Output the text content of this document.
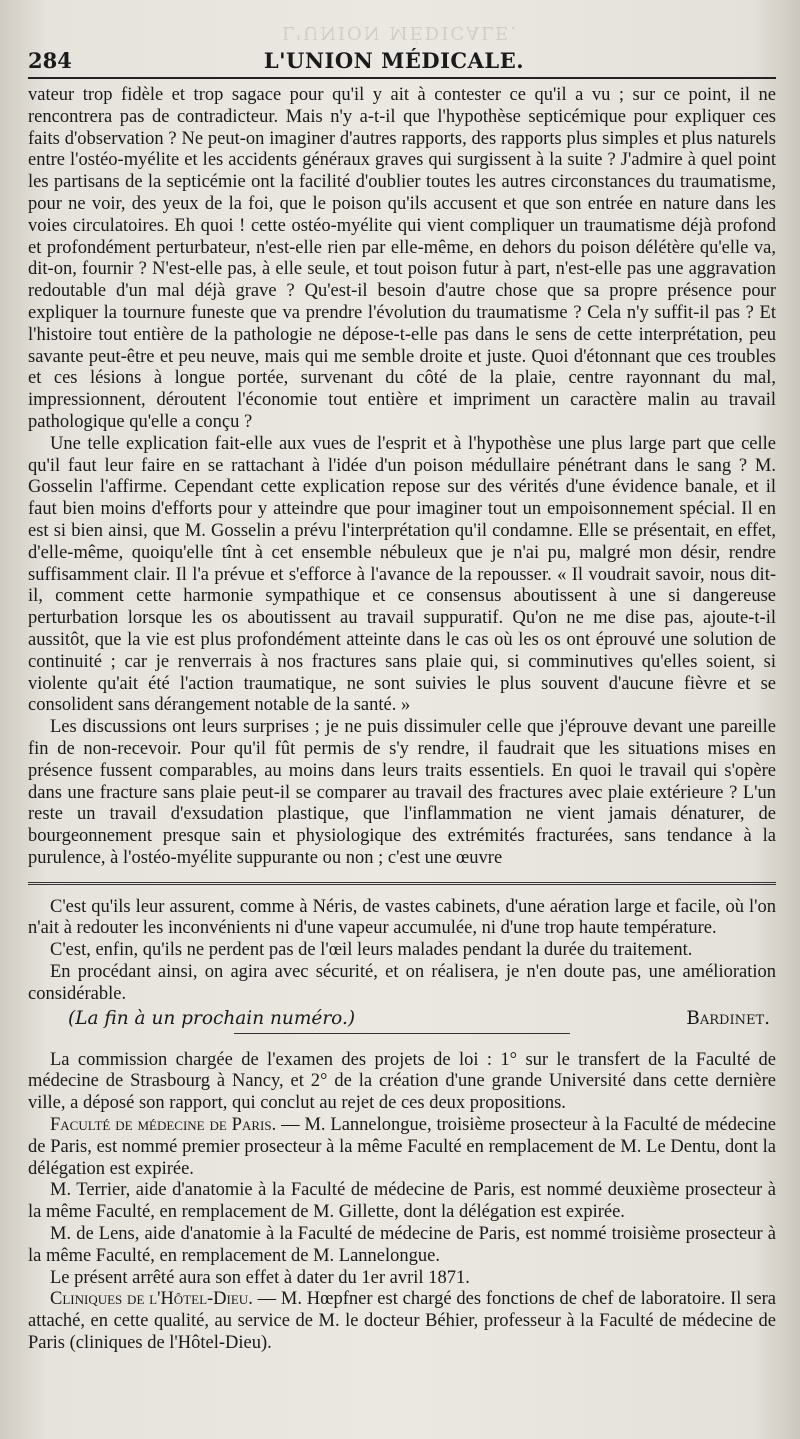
L'UNION MÉDICALE.
284	L'UNION MÉDICALE.

vateur trop fidèle et trop sagace pour qu'il y ait à contester ce qu'il a vu ; sur ce point, il ne rencontrera pas de contradicteur. Mais n'y a-t-il que l'hypothèse septicémique pour expliquer ces faits d'observation ? Ne peut-on imaginer d'autres rapports, des rapports plus simples et plus naturels entre l'ostéo-myélite et les accidents généraux graves qui surgissent à la suite ? J'admire à quel point les partisans de la septicémie ont la facilité d'oublier toutes les autres circonstances du traumatisme, pour ne voir, des yeux de la foi, que le poison qu'ils accusent et que son entrée en nature dans les voies circulatoires. Eh quoi ! cette ostéo-myélite qui vient compliquer un traumatisme déjà profond et profondément perturbateur, n'est-elle rien par elle-même, en dehors du poison délétère qu'elle va, dit-on, fournir ? N'est-elle pas, à elle seule, et tout poison futur à part, n'est-elle pas une aggravation redoutable d'un mal déjà grave ? Qu'est-il besoin d'autre chose que sa propre présence pour expliquer la tournure funeste que va prendre l'évolution du traumatisme ? Cela n'y suffit-il pas ? Et l'histoire tout entière de la pathologie ne dépose-t-elle pas dans le sens de cette interprétation, peu savante peut-être et peu neuve, mais qui me semble droite et juste. Quoi d'étonnant que ces troubles et ces lésions à longue portée, survenant du côté de la plaie, centre rayonnant du mal, impressionnent, déroutent l'économie tout entière et impriment un caractère malin au travail pathologique qu'elle a conçu ?

Une telle explication fait-elle aux vues de l'esprit et à l'hypothèse une plus large part que celle qu'il faut leur faire en se rattachant à l'idée d'un poison médullaire pénétrant dans le sang ? M. Gosselin l'affirme. Cependant cette explication repose sur des vérités d'une évidence banale, et il faut bien moins d'efforts pour y atteindre que pour imaginer tout un empoisonnement spécial. Il en est si bien ainsi, que M. Gosselin a prévu l'interprétation qu'il condamne. Elle se présentait, en effet, d'elle-même, quoiqu'elle tînt à cet ensemble nébuleux que je n'ai pu, malgré mon désir, rendre suffisamment clair. Il l'a prévue et s'efforce à l'avance de la repousser. « Il voudrait savoir, nous dit-il, comment cette harmonie sympathique et ce consensus aboutissent à une si dangereuse perturbation lorsque les os aboutissent au travail suppuratif. Qu'on ne me dise pas, ajoute-t-il aussitôt, que la vie est plus profondément atteinte dans le cas où les os ont éprouvé une solution de continuité ; car je renverrais à nos fractures sans plaie qui, si comminutives qu'elles soient, si violente qu'ait été l'action traumatique, ne sont suivies le plus souvent d'aucune fièvre et se consolident sans dérangement notable de la santé. »

Les discussions ont leurs surprises ; je ne puis dissimuler celle que j'éprouve devant une pareille fin de non-recevoir. Pour qu'il fût permis de s'y rendre, il faudrait que les situations mises en présence fussent comparables, au moins dans leurs traits essentiels. En quoi le travail qui s'opère dans une fracture sans plaie peut-il se comparer au travail des fractures avec plaie extérieure ? L'un reste un travail d'exsudation plastique, que l'inflammation ne vient jamais dénaturer, de bourgeonnement presque sain et physiologique des extrémités fracturées, sans tendance à la purulence, à l'ostéo-myélite suppurante ou non ; c'est une œuvre

C'est qu'ils leur assurent, comme à Néris, de vastes cabinets, d'une aération large et facile, où l'on n'ait à redouter les inconvénients ni d'une vapeur accumulée, ni d'une trop haute température.

C'est, enfin, qu'ils ne perdent pas de l'œil leurs malades pendant la durée du traitement.

En procédant ainsi, on agira avec sécurité, et on réalisera, je n'en doute pas, une amélioration considérable.

(La fin à un prochain numéro.)	Bardinet.

La commission chargée de l'examen des projets de loi : 1° sur le transfert de la Faculté de médecine de Strasbourg à Nancy, et 2° de la création d'une grande Université dans cette dernière ville, a déposé son rapport, qui conclut au rejet de ces deux propositions.

Faculté de médecine de Paris. — M. Lannelongue, troisième prosecteur à la Faculté de médecine de Paris, est nommé premier prosecteur à la même Faculté en remplacement de M. Le Dentu, dont la délégation est expirée.

M. Terrier, aide d'anatomie à la Faculté de médecine de Paris, est nommé deuxième prosecteur à la même Faculté, en remplacement de M. Gillette, dont la délégation est expirée.

M. de Lens, aide d'anatomie à la Faculté de médecine de Paris, est nommé troisième prosecteur à la même Faculté, en remplacement de M. Lannelongue.

Le présent arrêté aura son effet à dater du 1er avril 1871.

Cliniques de l'Hôtel-Dieu. — M. Hœpfner est chargé des fonctions de chef de laboratoire. Il sera attaché, en cette qualité, au service de M. le docteur Béhier, professeur à la Faculté de médecine de Paris (cliniques de l'Hôtel-Dieu).
